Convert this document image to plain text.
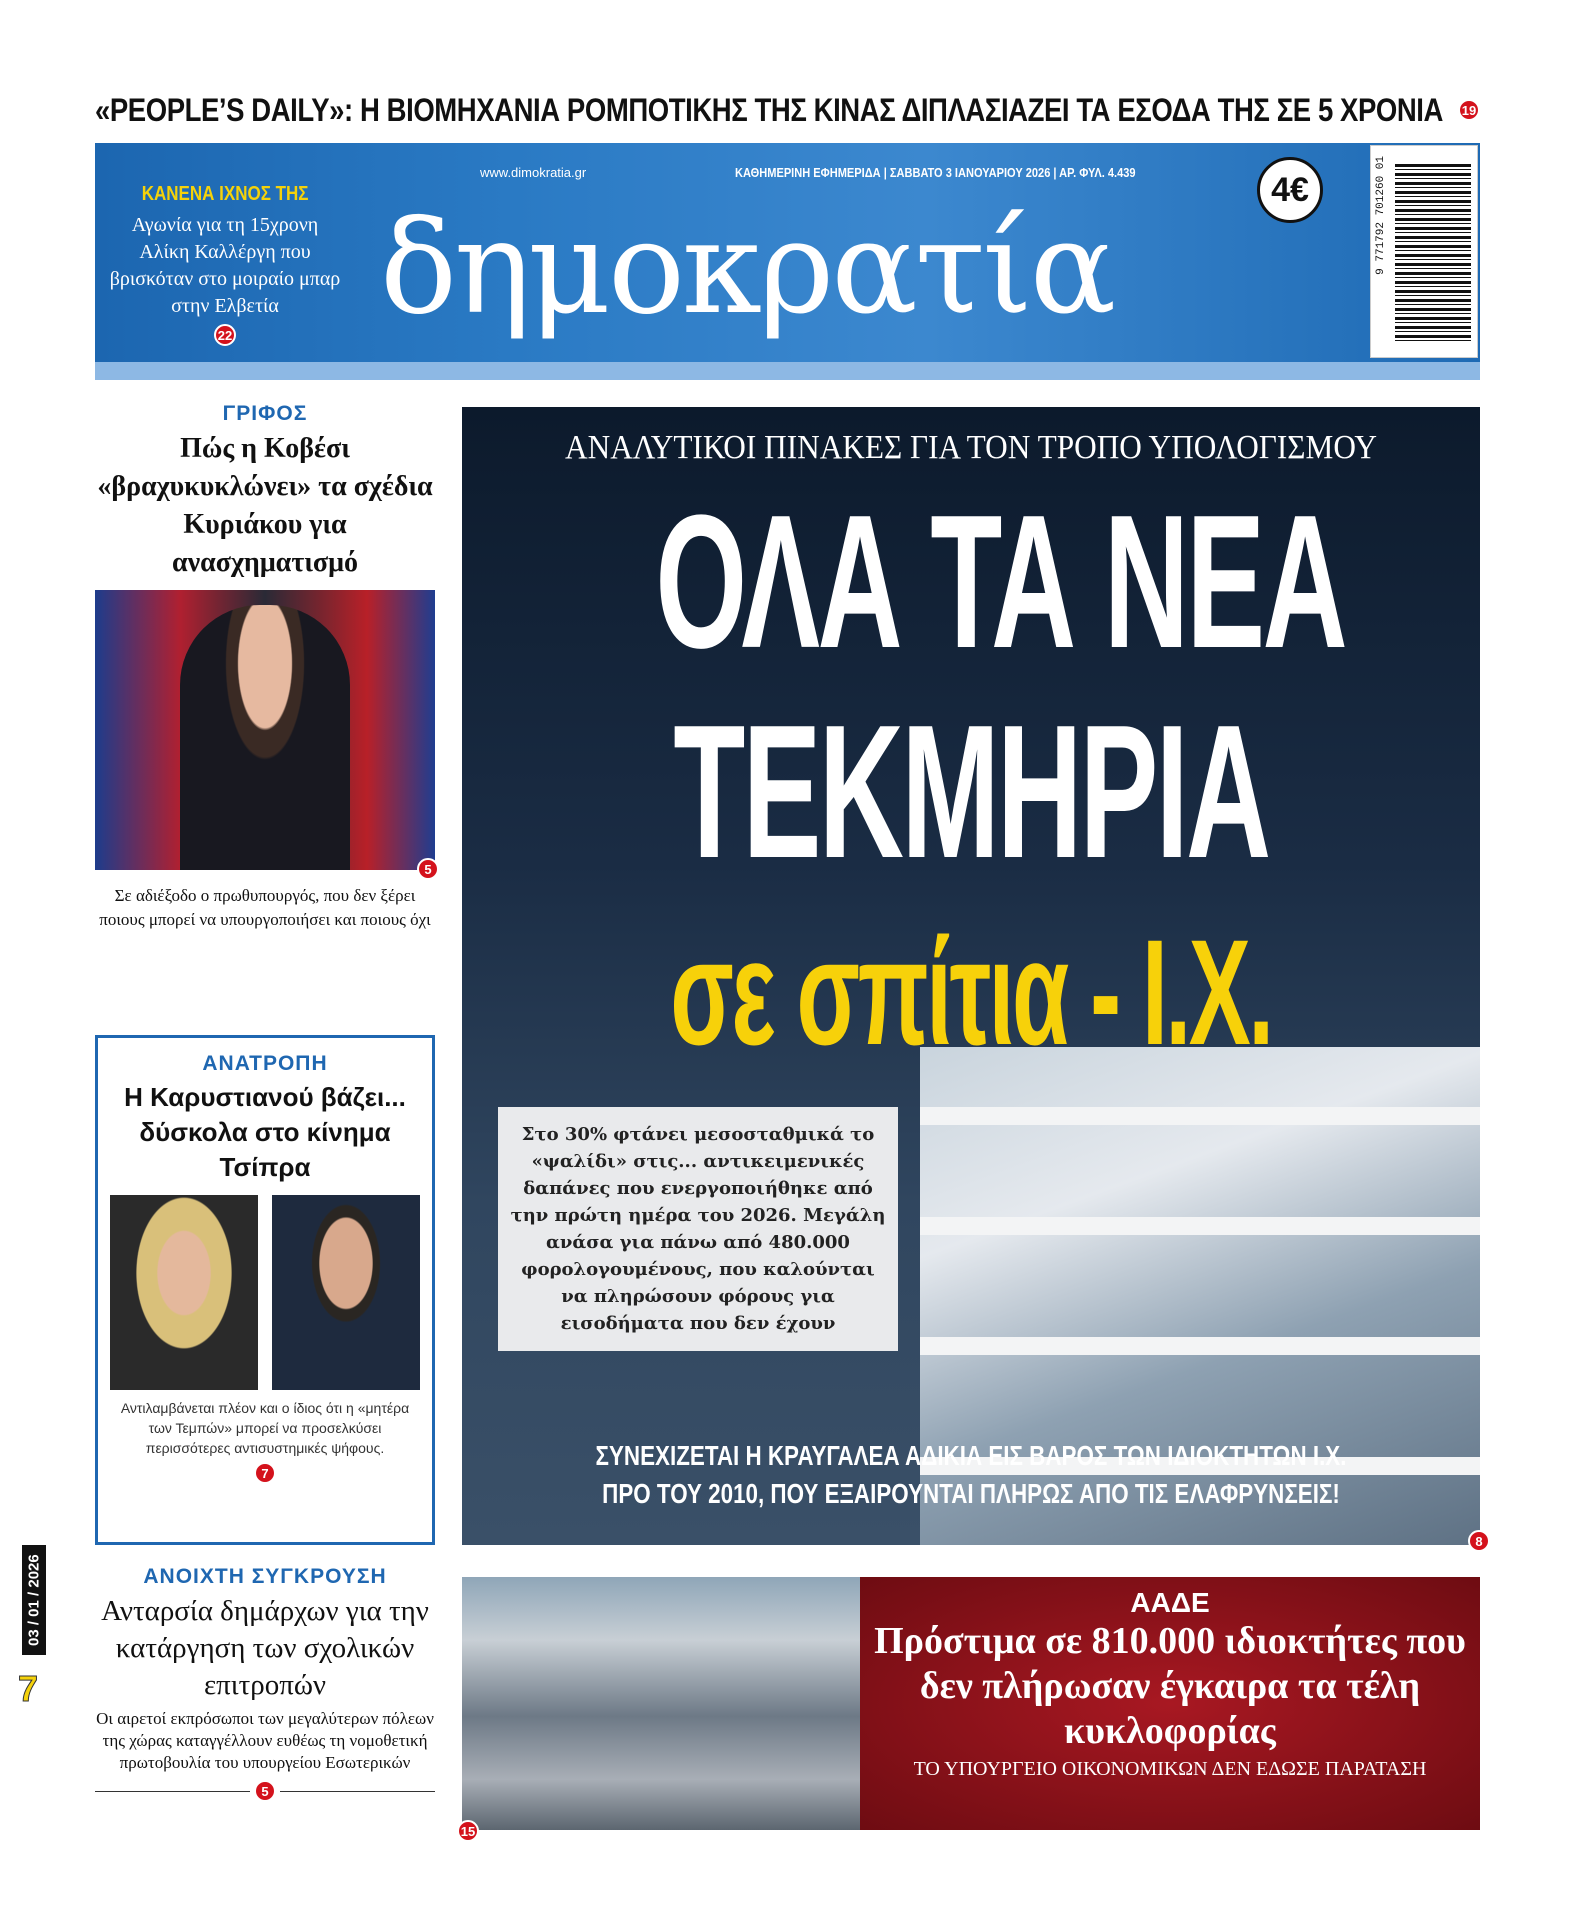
«PEOPLE’S DAILY»: Η ΒΙΟΜΗΧΑΝΙΑ ΡΟΜΠΟΤΙΚΗΣ ΤΗΣ ΚΙΝΑΣ ΔΙΠΛΑΣΙΑΖΕΙ ΤΑ ΕΣΟΔΑ ΤΗΣ ΣΕ 5 ΧΡΟΝΙΑ 19
ΚΑΝΕΝΑ ΙΧΝΟΣ ΤΗΣ
Αγωνία για τη 15χρονη Αλίκη Καλλέργη που βρισκόταν στο μοιραίο μπαρ στην Ελβετία
22
www.dimokratia.gr	ΚΑΘΗΜΕΡΙΝΗ ΕΦΗΜΕΡΙΔΑ | ΣΑΒΒΑΤΟ 3 ΙΑΝΟΥΑΡΙΟΥ 2026 | ΑΡ. ΦΥΛ. 4.439
δημοκρατία
4€	9 771792 701260 01
ΓΡΙΦΟΣ
Πώς η Κοβέσι «βραχυκυκλώνει» τα σχέδια Κυριάκου για ανασχηματισμό
5
Σε αδιέξοδο ο πρωθυπουργός, που δεν ξέρει ποιους μπορεί να υπουργοποιήσει και ποιους όχι
ΑΝΑΤΡΟΠΗ
Η Καρυστιανού βάζει... δύσκολα στο κίνημα Τσίπρα
Αντιλαμβάνεται πλέον και ο ίδιος ότι η «μητέρα των Τεμπών» μπορεί να προσελκύσει περισσότερες αντισυστημικές ψήφους.
7
ΑΝΟΙΧΤΗ ΣΥΓΚΡΟΥΣΗ
Ανταρσία δημάρχων για την κατάργηση των σχολικών επιτροπών
Οι αιρετοί εκπρόσωποι των μεγαλύτερων πόλεων της χώρας καταγγέλλουν ευθέως τη νομοθετική πρωτοβουλία του υπουργείου Εσωτερικών
5
ΑΝΑΛΥΤΙΚΟΙ ΠΙΝΑΚΕΣ ΓΙΑ ΤΟΝ ΤΡΟΠΟ ΥΠΟΛΟΓΙΣΜΟΥ
ΟΛΑ ΤΑ ΝΕΑ
ΤΕΚΜΗΡΙΑ
σε σπίτια - Ι.Χ.
Στο 30% φτάνει μεσοσταθμικά το «ψαλίδι» στις... αντικειμενικές δαπάνες που ενεργοποιήθηκε από την πρώτη ημέρα του 2026. Μεγάλη ανάσα για πάνω από 480.000 φορολογουμένους, που καλούνται να πληρώσουν φόρους για εισοδήματα που δεν έχουν
ΣΥΝΕΧΙΖΕΤΑΙ Η ΚΡΑΥΓΑΛΕΑ ΑΔΙΚΙΑ ΕΙΣ ΒΑΡΟΣ ΤΩΝ ΙΔΙΟΚΤΗΤΩΝ Ι.Χ.
ΠΡΟ ΤΟΥ 2010, ΠΟΥ ΕΞΑΙΡΟΥΝΤΑΙ ΠΛΗΡΩΣ ΑΠΟ ΤΙΣ ΕΛΑΦΡΥΝΣΕΙΣ!
8
15
ΑΑΔΕ
Πρόστιμα σε 810.000 ιδιοκτήτες που δεν πλήρωσαν έγκαιρα τα τέλη κυκλοφορίας
ΤΟ ΥΠΟΥΡΓΕΙΟ ΟΙΚΟΝΟΜΙΚΩΝ ΔΕΝ ΕΔΩΣΕ ΠΑΡΑΤΑΣΗ
03 / 01 / 2026
7
